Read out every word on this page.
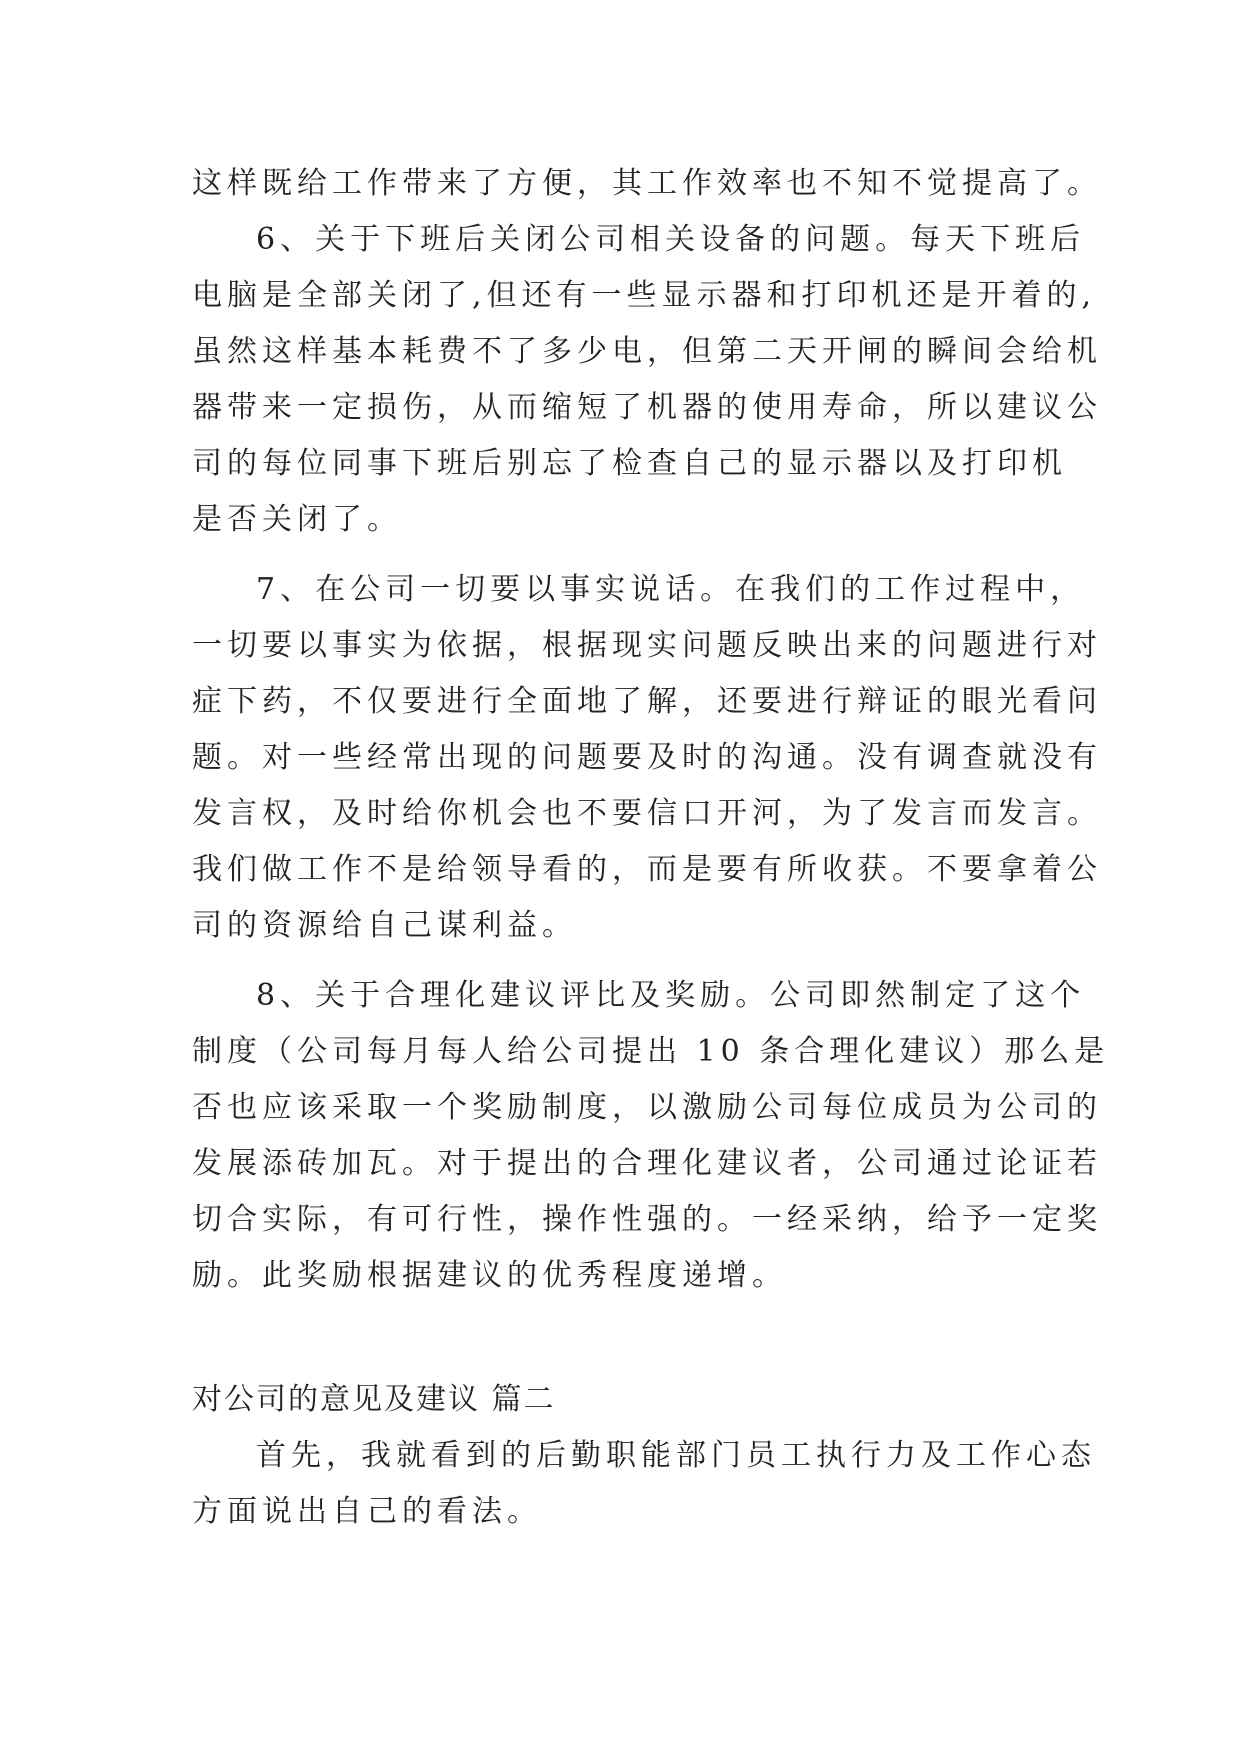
这样既给工作带来了方便，其工作效率也不知不觉提高了。
6、关于下班后关闭公司相关设备的问题。每天下班后
电脑是全部关闭了,但还有一些显示器和打印机还是开着的,
虽然这样基本耗费不了多少电，但第二天开闸的瞬间会给机
器带来一定损伤，从而缩短了机器的使用寿命，所以建议公
司的每位同事下班后别忘了检查自己的显示器以及打印机
是否关闭了。
7、在公司一切要以事实说话。在我们的工作过程中，
一切要以事实为依据，根据现实问题反映出来的问题进行对
症下药，不仅要进行全面地了解，还要进行辩证的眼光看问
题。对一些经常出现的问题要及时的沟通。没有调查就没有
发言权，及时给你机会也不要信口开河，为了发言而发言。
我们做工作不是给领导看的，而是要有所收获。不要拿着公
司的资源给自己谋利益。
8、关于合理化建议评比及奖励。公司即然制定了这个
制度（公司每月每人给公司提出 10 条合理化建议）那么是
否也应该采取一个奖励制度，以激励公司每位成员为公司的
发展添砖加瓦。对于提出的合理化建议者，公司通过论证若
切合实际，有可行性，操作性强的。一经采纳，给予一定奖
励。此奖励根据建议的优秀程度递增。
对公司的意见及建议 篇二
首先，我就看到的后勤职能部门员工执行力及工作心态
方面说出自己的看法。
